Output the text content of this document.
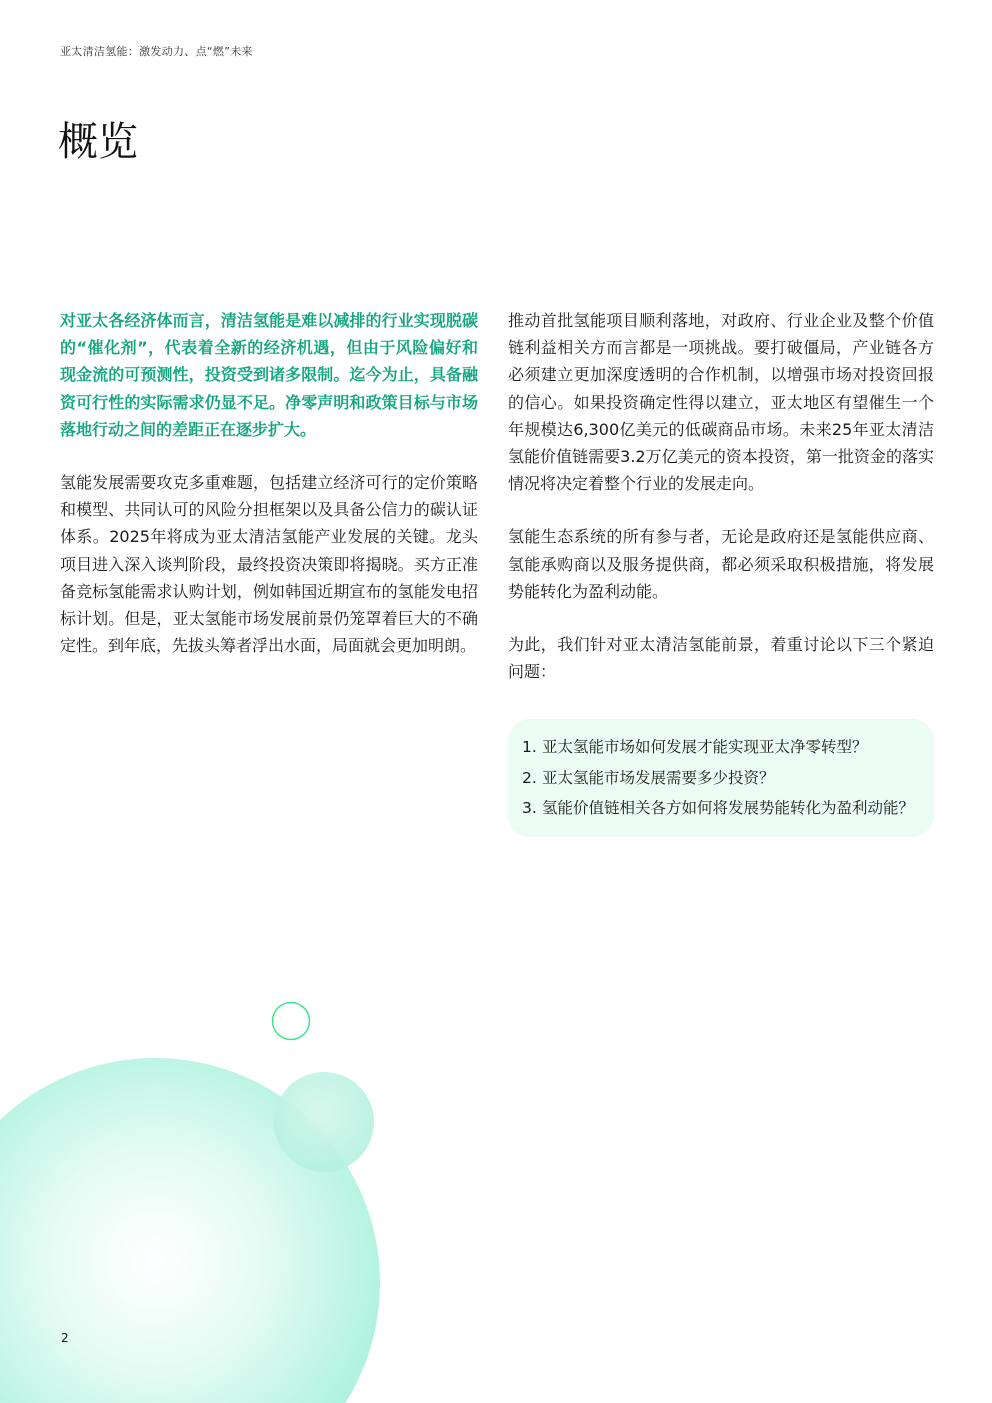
亚太清洁氢能：激发动力、点“燃”未来
概览

对亚太各经济体而言，清洁氢能是难以减排的行业实现脱碳的“催化剂”，代表着全新的经济机遇，但由于风险偏好和现金流的可预测性，投资受到诸多限制。迄今为止，具备融资可行性的实际需求仍显不足。净零声明和政策目标与市场落地行动之间的差距正在逐步扩大。

氢能发展需要攻克多重难题，包括建立经济可行的定价策略和模型、共同认可的风险分担框架以及具备公信力的碳认证体系。2025年将成为亚太清洁氢能产业发展的关键。龙头项目进入深入谈判阶段，最终投资决策即将揭晓。买方正准备竞标氢能需求认购计划，例如韩国近期宣布的氢能发电招标计划。但是，亚太氢能市场发展前景仍笼罩着巨大的不确定性。到年底，先拔头筹者浮出水面，局面就会更加明朗。

推动首批氢能项目顺利落地，对政府、行业企业及整个价值链利益相关方而言都是一项挑战。要打破僵局，产业链各方必须建立更加深度透明的合作机制，以增强市场对投资回报的信心。如果投资确定性得以建立，亚太地区有望催生一个年规模达6,300亿美元的低碳商品市场。未来25年亚太清洁氢能价值链需要3.2万亿美元的资本投资，第一批资金的落实情况将决定着整个行业的发展走向。

氢能生态系统的所有参与者，无论是政府还是氢能供应商、氢能承购商以及服务提供商，都必须采取积极措施，将发展势能转化为盈利动能。

为此，我们针对亚太清洁氢能前景，着重讨论以下三个紧迫问题：

1. 亚太氢能市场如何发展才能实现亚太净零转型？
2. 亚太氢能市场发展需要多少投资？
3. 氢能价值链相关各方如何将发展势能转化为盈利动能？
2
